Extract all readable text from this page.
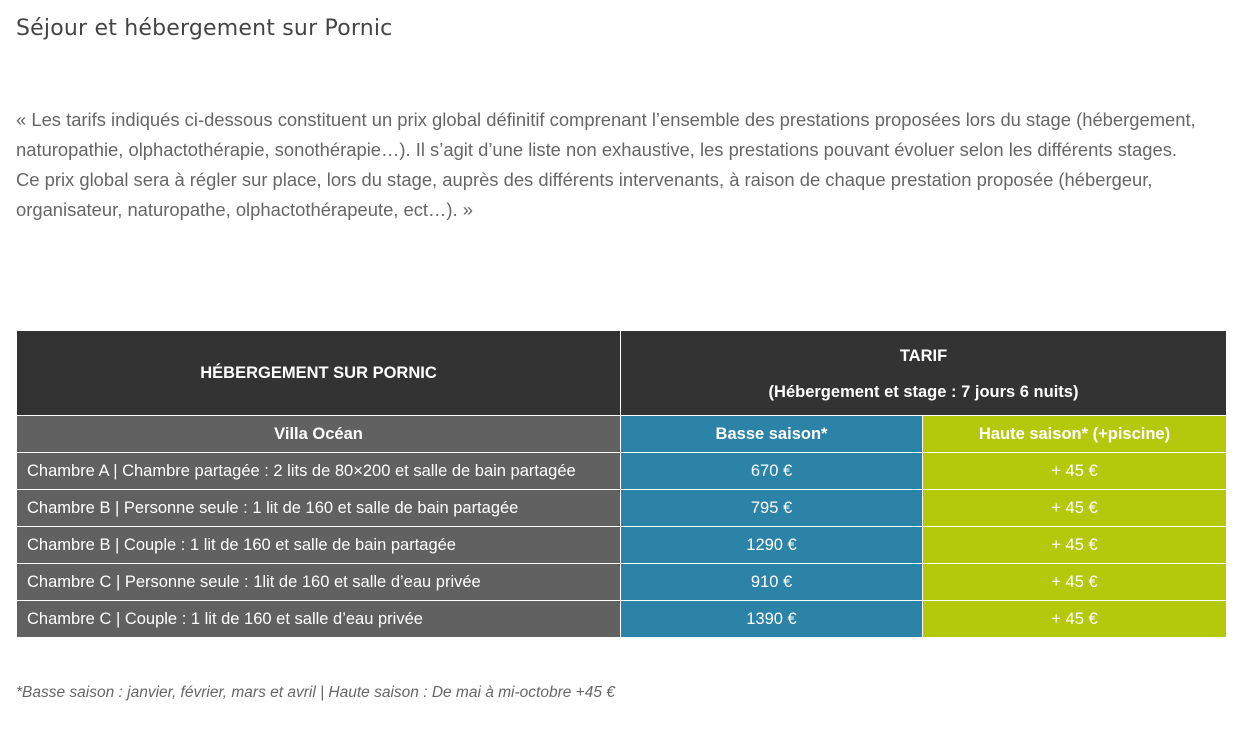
Séjour et hébergement sur Pornic

« Les tarifs indiqués ci-dessous constituent un prix global définitif comprenant l’ensemble des prestations proposées lors du stage (hébergement, naturopathie, olphactothérapie, sonothérapie…). Il s’agit d’une liste non exhaustive, les prestations pouvant évoluer selon les différents stages.

Ce prix global sera à régler sur place, lors du stage, auprès des différents intervenants, à raison de chaque prestation proposée (hébergeur, organisateur, naturopathe, olphactothérapeute, ect…). »

HÉBERGEMENT SUR PORNIC	TARIF
(Hébergement et stage : 7 jours 6 nuits)	

Villa Océan	Basse saison*	Haute saison* (+piscine)
Chambre A | Chambre partagée : 2 lits de 80×200 et salle de bain partagée	670 €	+ 45 €
Chambre B | Personne seule : 1 lit de 160 et salle de bain partagée	795 €	+ 45 €
Chambre B | Couple : 1 lit de 160 et salle de bain partagée	1290 €	+ 45 €
Chambre C | Personne seule : 1lit de 160 et salle d’eau privée	910 €	+ 45 €
Chambre C | Couple : 1 lit de 160 et salle d’eau privée	1390 €	+ 45 €

*Basse saison : janvier, février, mars et avril | Haute saison : De mai à mi-octobre +45 €
